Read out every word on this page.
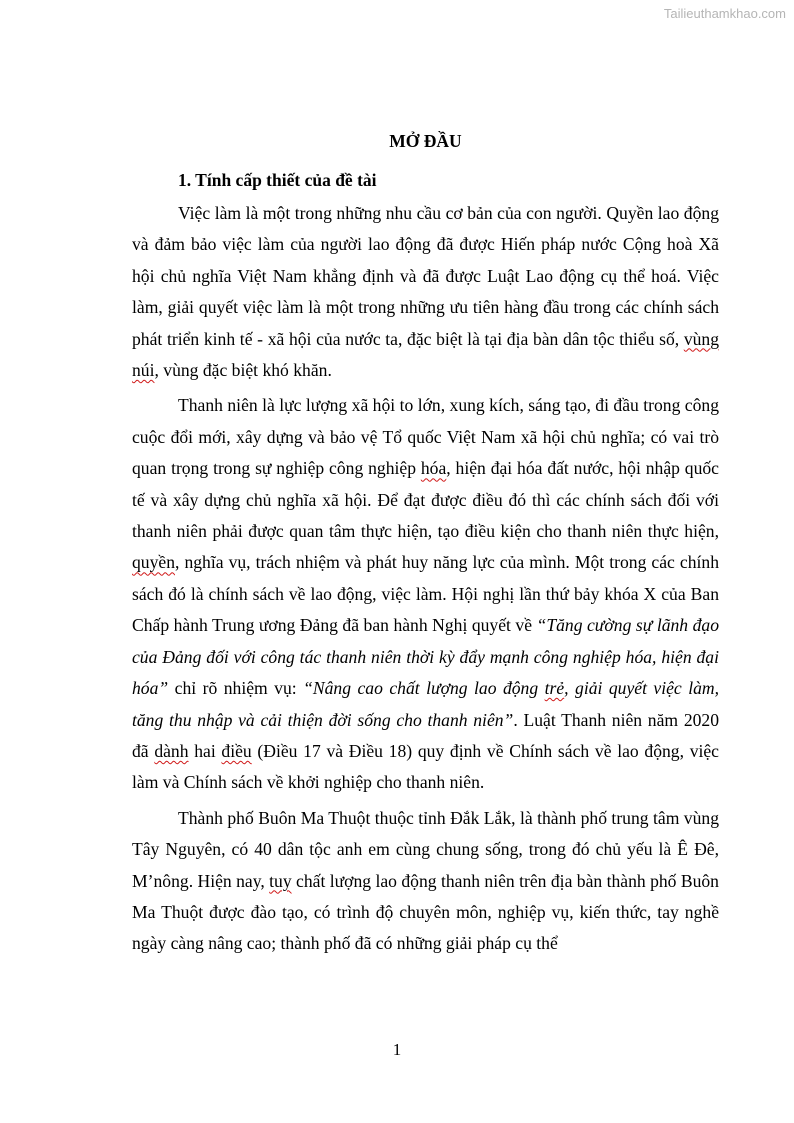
Tailieuthamkhao.com
MỞ ĐẦU
1. Tính cấp thiết của đề tài

Việc làm là một trong những nhu cầu cơ bản của con người. Quyền lao động và đảm bảo việc làm của người lao động đã được Hiến pháp nước Cộng hoà Xã hội chủ nghĩa Việt Nam khẳng định và đã được Luật Lao động cụ thể hoá. Việc làm, giải quyết việc làm là một trong những ưu tiên hàng đầu trong các chính sách phát triển kinh tế - xã hội của nước ta, đặc biệt là tại địa bàn dân tộc thiểu số, vùng núi, vùng đặc biệt khó khăn.

Thanh niên là lực lượng xã hội to lớn, xung kích, sáng tạo, đi đầu trong công cuộc đổi mới, xây dựng và bảo vệ Tổ quốc Việt Nam xã hội chủ nghĩa; có vai trò quan trọng trong sự nghiệp công nghiệp hóa, hiện đại hóa đất nước, hội nhập quốc tế và xây dựng chủ nghĩa xã hội. Để đạt được điều đó thì các chính sách đối với thanh niên phải được quan tâm thực hiện, tạo điều kiện cho thanh niên thực hiện, quyền, nghĩa vụ, trách nhiệm và phát huy năng lực của mình. Một trong các chính sách đó là chính sách về lao động, việc làm. Hội nghị lần thứ bảy khóa X của Ban Chấp hành Trung ương Đảng đã ban hành Nghị quyết về “Tăng cường sự lãnh đạo của Đảng đối với công tác thanh niên thời kỳ đẩy mạnh công nghiệp hóa, hiện đại hóa” chỉ rõ nhiệm vụ: “Nâng cao chất lượng lao động trẻ, giải quyết việc làm, tăng thu nhập và cải thiện đời sống cho thanh niên”. Luật Thanh niên năm 2020 đã dành hai điều (Điều 17 và Điều 18) quy định về Chính sách về lao động, việc làm và Chính sách về khởi nghiệp cho thanh niên.

Thành phố Buôn Ma Thuột thuộc tỉnh Đắk Lắk, là thành phố trung tâm vùng Tây Nguyên, có 40 dân tộc anh em cùng chung sống, trong đó chủ yếu là Ê Đê, M’nông. Hiện nay, tuy chất lượng lao động thanh niên trên địa bàn thành phố Buôn Ma Thuột được đào tạo, có trình độ chuyên môn, nghiệp vụ, kiến thức, tay nghề ngày càng nâng cao; thành phố đã có những giải pháp cụ thể

1
